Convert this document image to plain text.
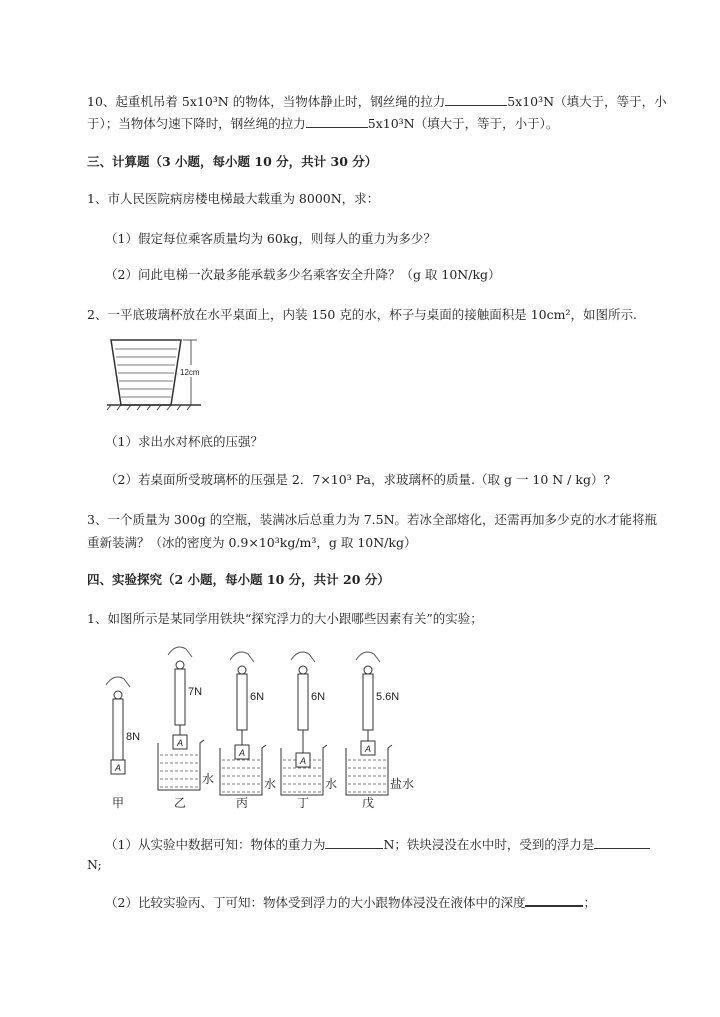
10、起重机吊着 5x10³N 的物体，当物体静止时，钢丝绳的拉力	5x10³N（填大于，等于，小
于）；当物体匀速下降时，钢丝绳的拉力	5x10³N（填大于，等于，小于）。
三、计算题（3 小题，每小题 10 分，共计 30 分）
1、市人民医院病房楼电梯最大载重为 8000N，求：
（1）假定每位乘客质量均为 60kg，则每人的重力为多少？
（2）问此电梯一次最多能承载多少名乘客安全升降？（g 取 10N/kg）
2、一平底玻璃杯放在水平桌面上，内装 150 克的水，杯子与桌面的接触面积是 10cm²，如图所示.
12cm
（1）求出水对杯底的压强？
（2）若桌面所受玻璃杯的压强是 2．7×10³ Pa，求玻璃杯的质量.（取 g 一 10 N / kg）?
3、一个质量为 300g 的空瓶，装满冰后总重力为 7.5N。若冰全部熔化，还需再加多少克的水才能将瓶
重新装满？（冰的密度为 0.9×10³kg/m³，g 取 10N/kg）
四、实验探究（2 小题，每小题 10 分，共计 20 分）
1、如图所示是某同学用铁块“探究浮力的大小跟哪些因素有关”的实验；
A
8N
甲
水
A
7N
乙
水
A
6N
丙
水
A
6N
丁
盐水
A
5.6N
戊
（1）从实验中数据可知：物体的重力为	N；铁块浸没在水中时，受到的浮力是
N;
（2）比较实验丙、丁可知：物体受到浮力的大小跟物体浸没在液体中的深度	；
